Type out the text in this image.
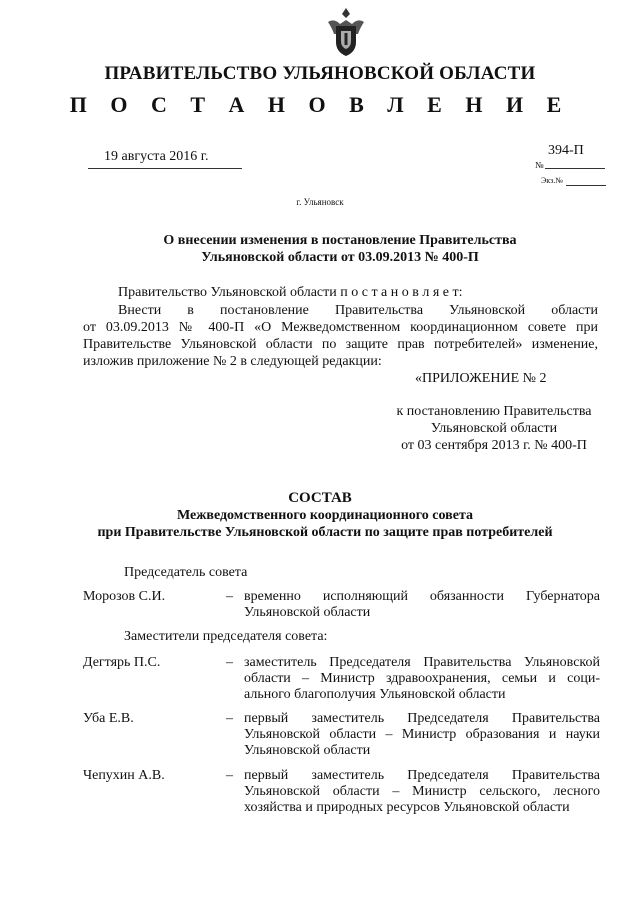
ПРАВИТЕЛЬСТВО УЛЬЯНОВСКОЙ ОБЛАСТИ
П О С Т А Н О В Л Е Н И Е
19 августа 2016 г.	394-П
№
Экз.№
г. Ульяновск
О внесении изменения в постановление Правительства
Ульяновской области от 03.09.2013 № 400-П
Правительство Ульяновской области п о с т а н о в л я е т:
Внести в постановление Правительства Ульяновской области
от 03.09.2013 № 400-П «О Межведомственном координационном совете при
Правительстве Ульяновской области по защите прав потребителей» изменение,
изложив приложение № 2 в следующей редакции:
«ПРИЛОЖЕНИЕ № 2
к постановлению Правительства
Ульяновской области
от 03 сентября 2013 г. № 400-П
СОСТАВ
Межведомственного координационного совета
при Правительстве Ульяновской области по защите прав потребителей
Председатель совета
Морозов С.И.	– временно исполняющий обязанности Губернатора
Ульяновской области
Заместители председателя совета:
Дегтярь П.С.	– заместитель Председателя Правительства Ульяновской
области – Министр здравоохранения, семьи и соци-
ального благополучия Ульяновской области
Уба Е.В.	– первый заместитель Председателя Правительства
Ульяновской области – Министр образования и науки
Ульяновской области
Чепухин А.В.	– первый заместитель Председателя Правительства
Ульяновской области – Министр сельского, лесного
хозяйства и природных ресурсов Ульяновской области
